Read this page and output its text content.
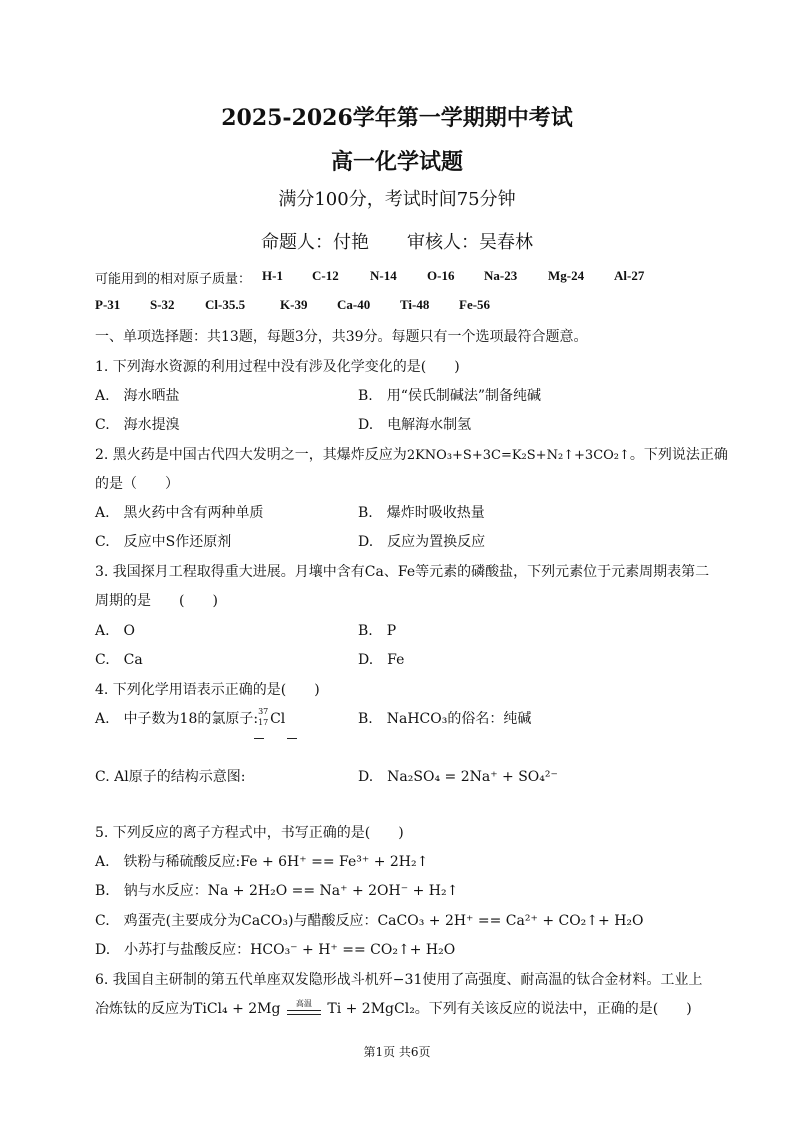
2025-2026学年第一学期期中考试
高一化学试题
满分100分，考试时间75分钟
命题人：付艳 审核人：吴春林
可能用到的相对原子质量： H-1 C-12 N-14 O-16 Na-23 Mg-24 Al-27
P-31 S-32 Cl-35.5	K-39 Ca-40 Ti-48 Fe-56
一、单项选择题：共13题，每题3分，共39分。每题只有一个选项最符合题意。
1. 下列海水资源的利用过程中没有涉及化学变化的是(　　)
A.　海水晒盐	B.　用“侯氏制碱法”制备纯碱
C.　海水提溴	D.　电解海水制氢
2. 黑火药是中国古代四大发明之一，其爆炸反应为2KNO₃+S+3C=K₂S+N₂↑+3CO₂↑。下列说法正确
的是（　　）
A.　黑火药中含有两种单质	B.　爆炸时吸收热量
C.　反应中S作还原剂	D.　反应为置换反应
3. 我国探月工程取得重大进展。月壤中含有Ca、Fe等元素的磷酸盐，下列元素位于元素周期表第二
周期的是　　(　　)
A.　O	B.　P
C.　Ca	D.　Fe
4. 下列化学用语表示正确的是(　　)
A.　中子数为18的氯原子: 37
17 Cl	B.　NaHCO₃的俗名：纯碱
C. Al原子的结构示意图:	D.　Na₂SO₄ = 2Na⁺ + SO₄²⁻
5. 下列反应的离子方程式中，书写正确的是(　　)
A.　铁粉与稀硫酸反应:Fe + 6H⁺ == Fe³⁺ + 2H₂↑
B.　钠与水反应：Na + 2H₂O == Na⁺ + 2OH⁻ + H₂↑
C.　鸡蛋壳(主要成分为CaCO₃)与醋酸反应：CaCO₃ + 2H⁺ == Ca²⁺ + CO₂↑+ H₂O
D.　小苏打与盐酸反应：HCO₃⁻ + H⁺ == CO₂↑+ H₂O
6. 我国自主研制的第五代单座双发隐形战斗机歼−31使用了高强度、耐高温的钛合金材料。工业上
冶炼钛的反应为TiCl₄ + 2Mg	高温	Ti + 2MgCl₂。下列有关该反应的说法中，正确的是(　　)
第1页 共6页
